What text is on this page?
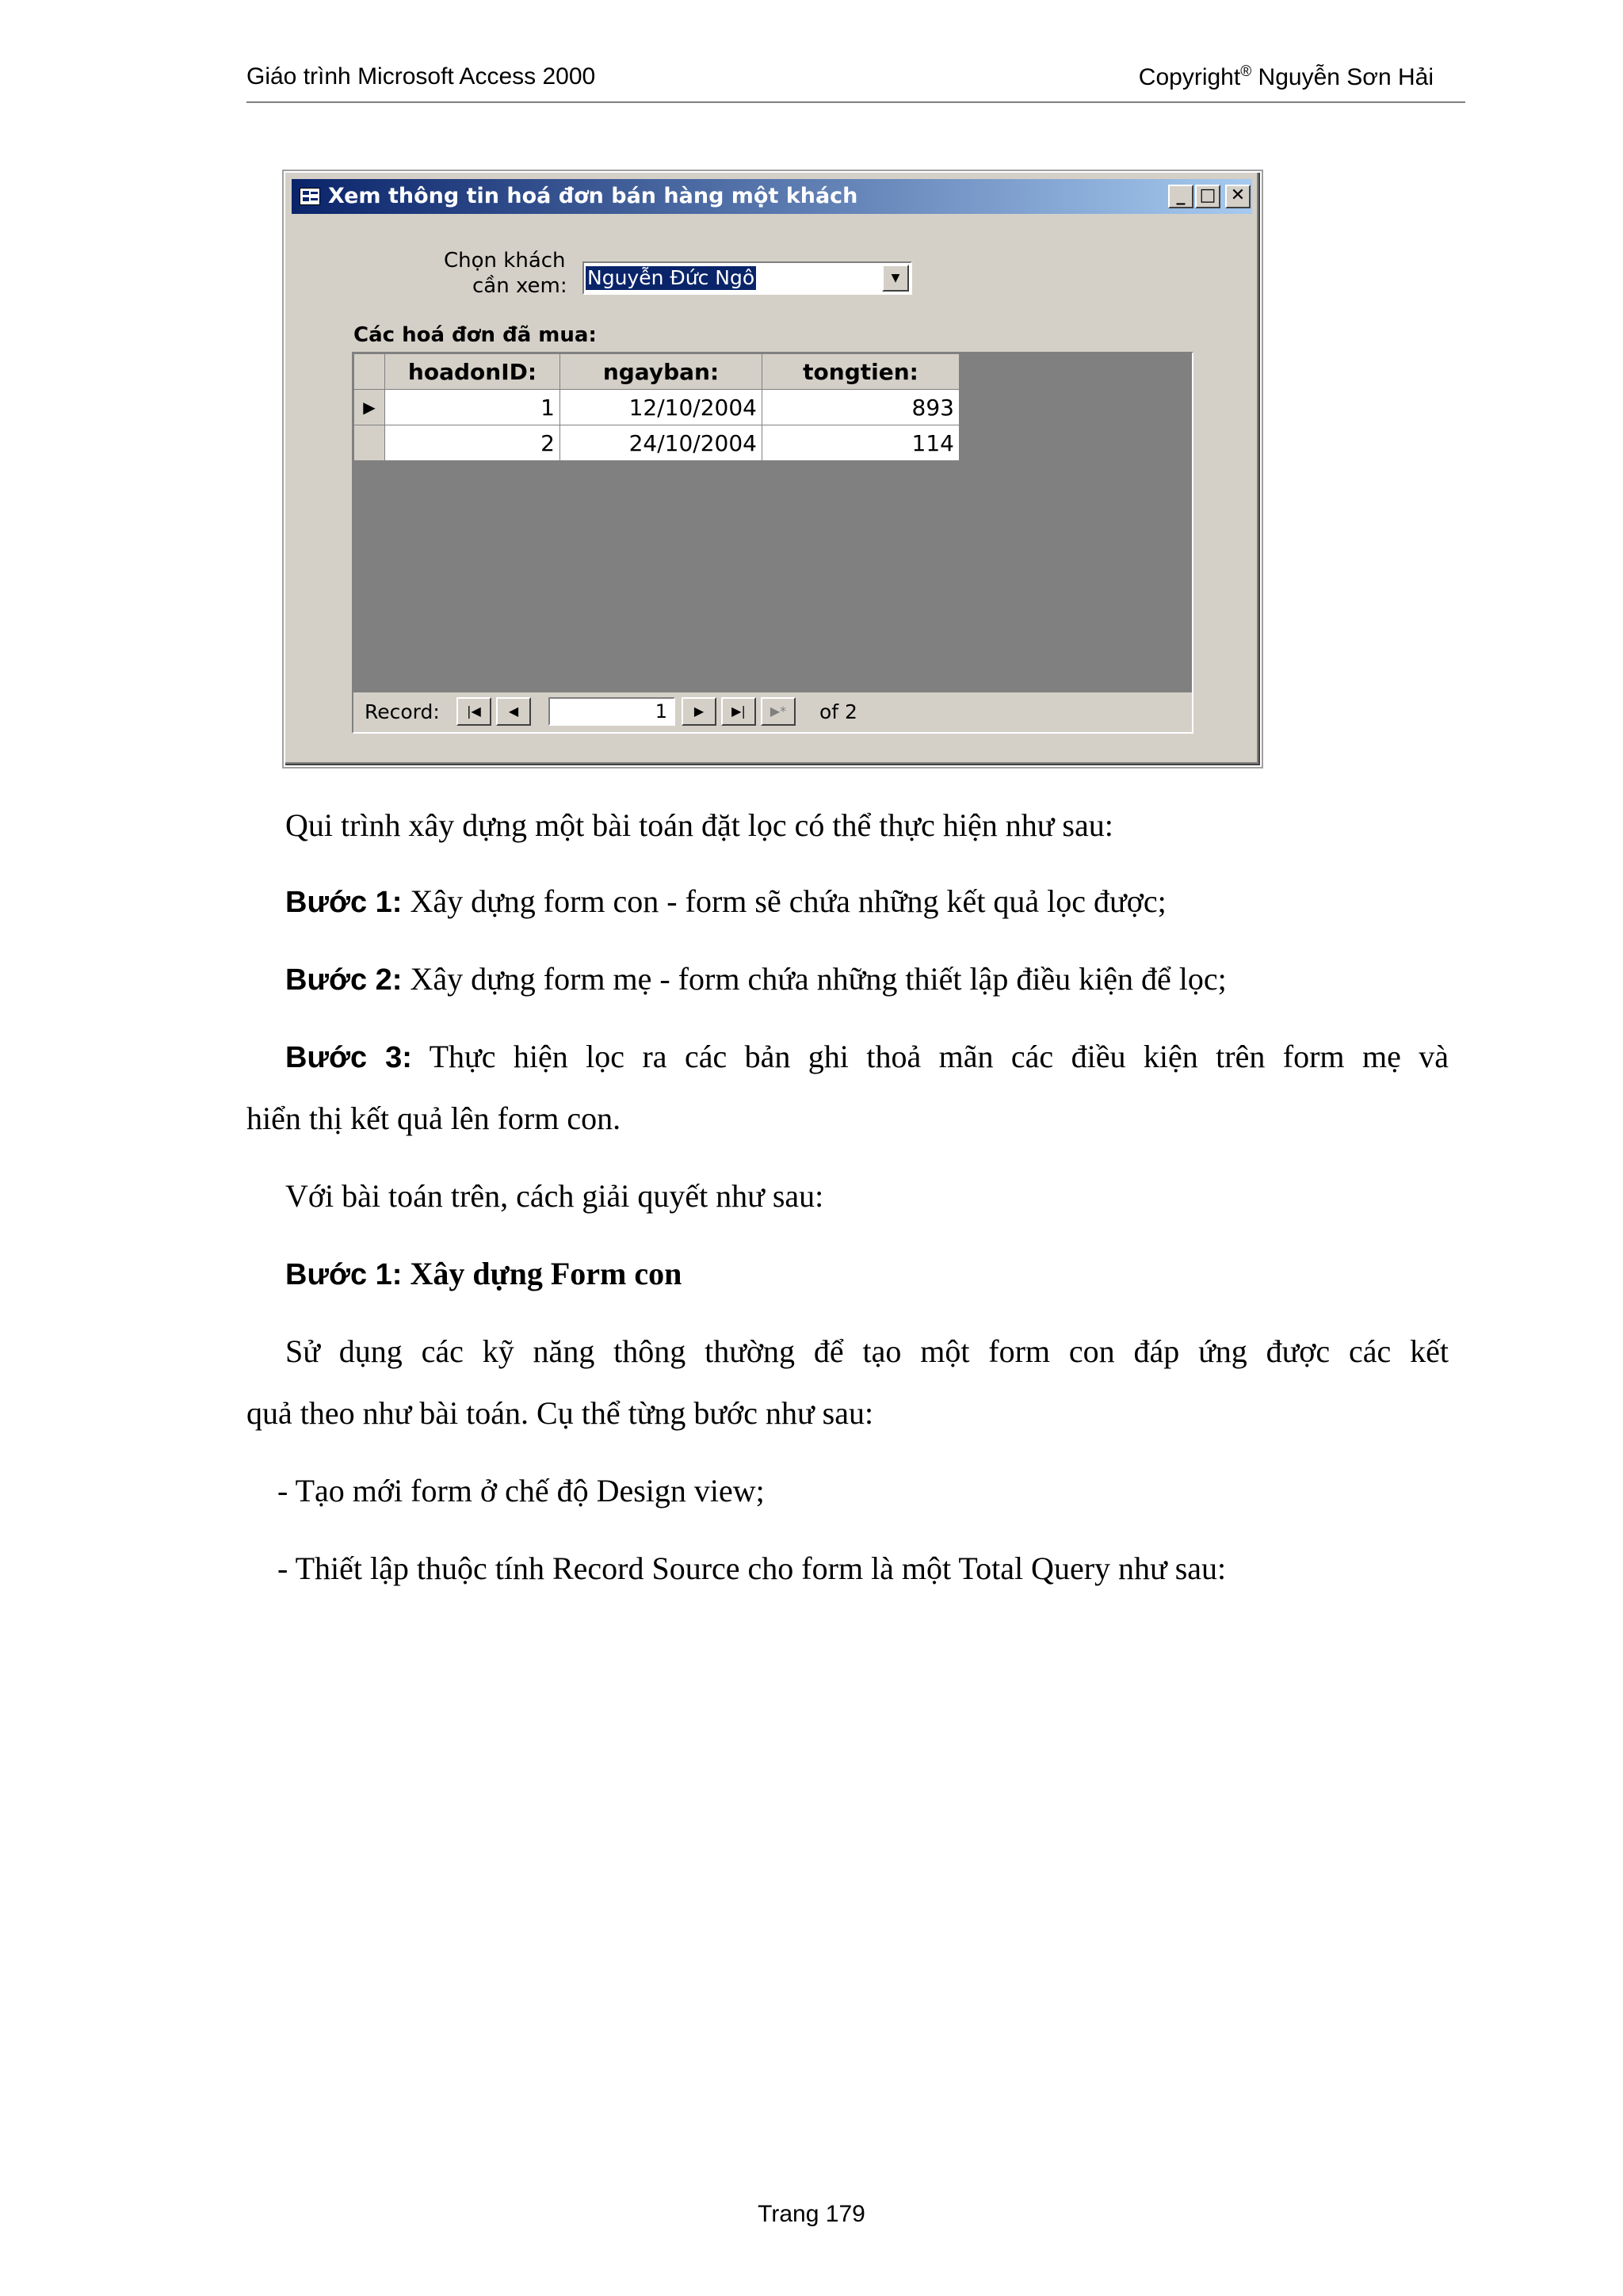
Giáo trình Microsoft Access 2000	Copyright® Nguyễn Sơn Hải
Xem thông tin hoá đơn bán hàng một khách	_ □ ✕
Chọn khách
cần xem: Nguyễn Đức Ngô	▼
Các hoá đơn đã mua:
	hoadonID:	ngayban:	tongtien:
▶	1	12/10/2004	893
	2	24/10/2004	114
Record:	|◀	◀	1	▶	▶|	▶*	of 2
Qui trình xây dựng một bài toán đặt lọc có thể thực hiện như sau:
Bước 1: Xây dựng form con - form sẽ chứa những kết quả lọc được;
Bước 2: Xây dựng form mẹ - form chứa những thiết lập điều kiện để lọc;
Bước 3: Thực hiện lọc ra các bản ghi thoả mãn các điều kiện trên form mẹ và
hiển thị kết quả lên form con.
Với bài toán trên, cách giải quyết như sau:
Bước 1: Xây dựng Form con
Sử dụng các kỹ năng thông thường để tạo một form con đáp ứng được các kết
quả theo như bài toán. Cụ thể từng bước như sau:
- Tạo mới form ở chế độ Design view;
- Thiết lập thuộc tính Record Source cho form là một Total Query như sau:
Trang 179
